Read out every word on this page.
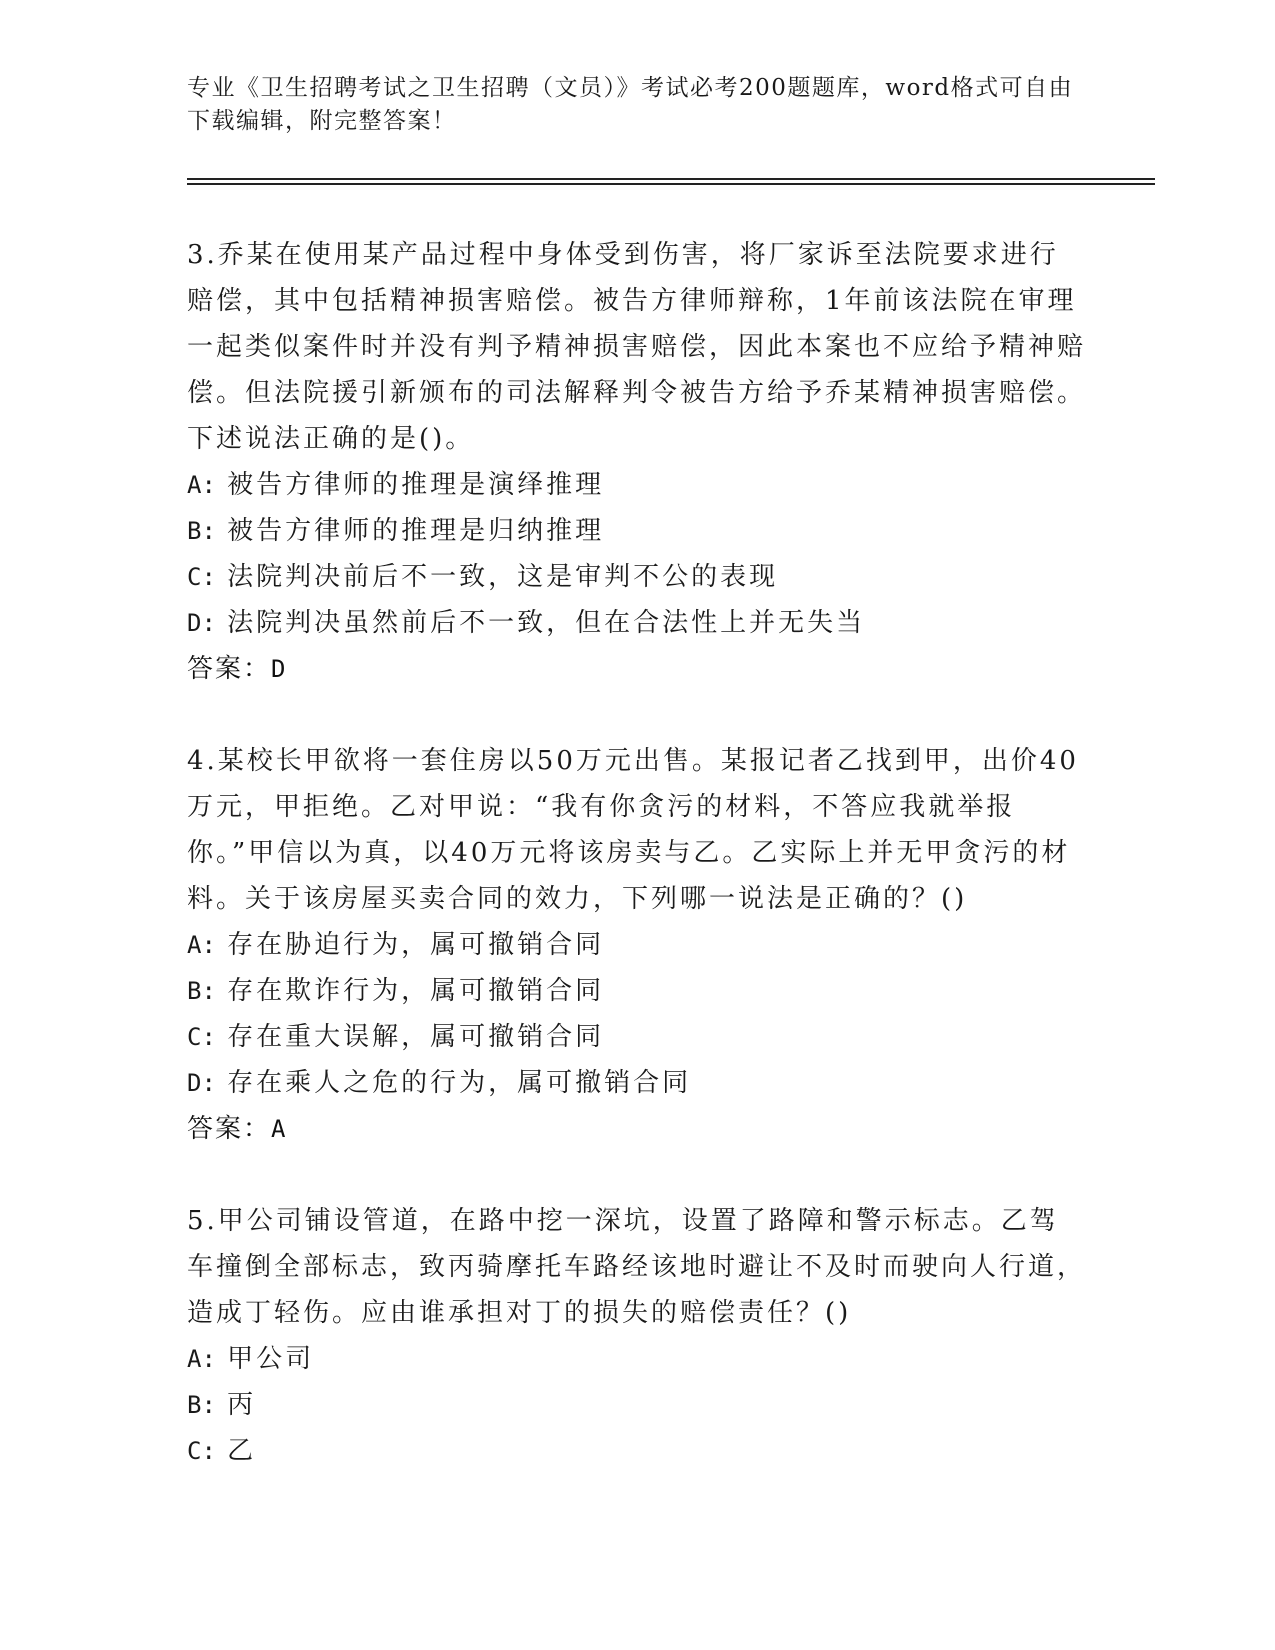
专业《卫生招聘考试之卫生招聘（文员）》考试必考200题题库，word格式可自由下载编辑，附完整答案！

3.乔某在使用某产品过程中身体受到伤害，将厂家诉至法院要求进行赔偿，其中包括精神损害赔偿。被告方律师辩称，1年前该法院在审理一起类似案件时并没有判予精神损害赔偿，因此本案也不应给予精神赔偿。但法院援引新颁布的司法解释判令被告方给予乔某精神损害赔偿。下述说法正确的是()。

A: 被告方律师的推理是演绎推理

B: 被告方律师的推理是归纳推理

C: 法院判决前后不一致，这是审判不公的表现

D: 法院判决虽然前后不一致，但在合法性上并无失当

答案：D

4.某校长甲欲将一套住房以50万元出售。某报记者乙找到甲，出价40万元，甲拒绝。乙对甲说：“我有你贪污的材料，不答应我就举报你。”甲信以为真，以40万元将该房卖与乙。乙实际上并无甲贪污的材料。关于该房屋买卖合同的效力，下列哪一说法是正确的？()

A: 存在胁迫行为，属可撤销合同

B: 存在欺诈行为，属可撤销合同

C: 存在重大误解，属可撤销合同

D: 存在乘人之危的行为，属可撤销合同

答案：A

5.甲公司铺设管道，在路中挖一深坑，设置了路障和警示标志。乙驾车撞倒全部标志，致丙骑摩托车路经该地时避让不及时而驶向人行道，造成丁轻伤。应由谁承担对丁的损失的赔偿责任？()

A: 甲公司

B: 丙

C: 乙
